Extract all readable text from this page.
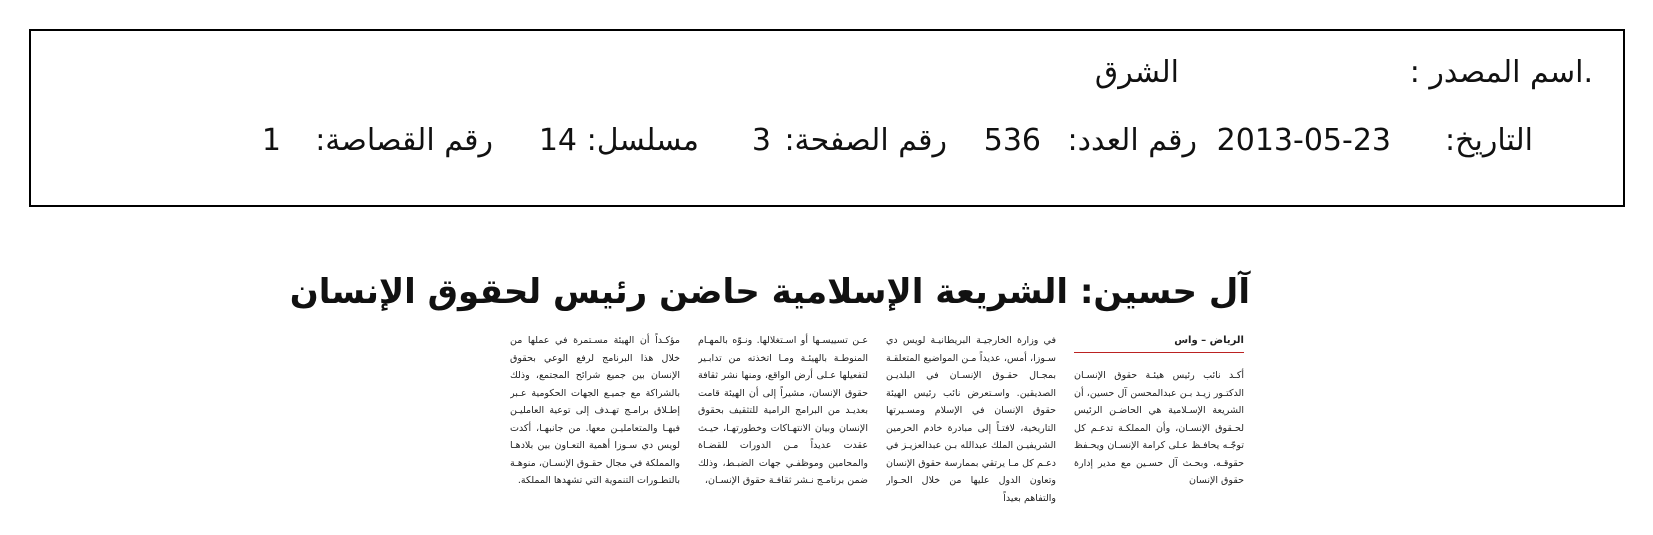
.اسم المصدر :
الشرق
التاريخ:
2013-05-23
رقم العدد:
536
رقم الصفحة:
3
مسلسل:
14
رقم القصاصة:
1
آل حسين: الشريعة الإسلامية حاضن رئيس لحقوق الإنسان
الرياض – واس
أكـد نائب رئيس هيئـة حقوق الإنسـان الدكتـور زيـد بـن عبدالمحسن آل حسين، أن الشريعة الإسـلامية هي الحاضـن الرئيس لحـقوق الإنسـان، وأن المملكـة تدعـم كل توجّـه يحافـظ عـلى كرامة الإنسـان ويحـفظ حقوقـه. وبحـث آل حسـين مع مدير إدارة حقوق الإنسان
في وزارة الخارجيـة البريطانيـة لويس دي سـوزا، أمس، عديداً مـن المواضيع المتعلقـة بمجـال حقـوق الإنسـان في البلديـن الصديقين. واسـتعرض نائب رئيس الهيئة حقوق الإنسان في الإسلام ومسـيرتها التاريخية، لافتـاً إلى مبادرة خادم الحرمين الشريفيـن الملك عبدالله بـن عبدالعزيـز في دعـم كل مـا يرتقي بممارسة حقوق الإنسان وتعاون الدول عليها من خلال الحـوار والتفاهم بعيداً
عـن تسييسـها أو اسـتغلالها. ونـوّه بالمهـام المنوطـة بالهيئـة ومـا اتخذته من تدابـير لتفعيلها عـلى أرض الواقع، ومنها نشر ثقافة حقوق الإنسان، مشيراً إلى أن الهيئة قامت بعديـد من البرامج الرامية للتثقيف بحقوق الإنسان وبيان الانتهـاكات وخطورتهـا، حيـث عقدت عديداً مـن الدورات للقضـاة والمحامين وموظفـي جهات الضبـط، وذلك ضمن برنامـج نـشر ثقافـة حقوق الإنسـان،
مؤكـداً أن الهيئة مسـتمرة في عملها من خلال هذا البرنامج لرفع الوعي بحقوق الإنسان بين جميع شرائح المجتمع، وذلك بالشراكة مع جميـع الجهات الحكومية عـبر إطـلاق برامـج تهـدف إلى توعية العامليـن فيهـا والمتعامليـن معها. من جانبهـا، أكدت لويس دي سـوزا أهمية التعـاون بين بلادهـا والمملكة في مجال حقـوق الإنسـان، منوهـة بالتطـورات التنموية التي تشهدها المملكة.
